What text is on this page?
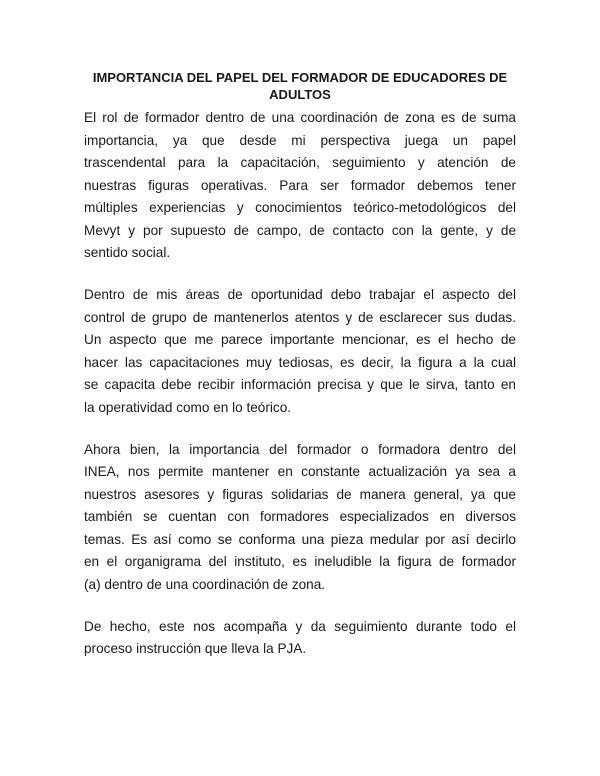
IMPORTANCIA DEL PAPEL DEL FORMADOR DE EDUCADORES DE
ADULTOS
El rol de formador dentro de una coordinación de zona es de suma
importancia, ya que desde mi perspectiva juega un papel
trascendental para la capacitación, seguimiento y atención de
nuestras figuras operativas. Para ser formador debemos tener
múltiples experiencias y conocimientos teórico-metodológicos del
Mevyt y por supuesto de campo, de contacto con la gente, y de
sentido social.
Dentro de mis áreas de oportunidad debo trabajar el aspecto del
control de grupo de mantenerlos atentos y de esclarecer sus dudas.
Un aspecto que me parece importante mencionar, es el hecho de
hacer las capacitaciones muy tediosas, es decir, la figura a la cual
se capacita debe recibir información precisa y que le sirva, tanto en
la operatividad como en lo teórico.
Ahora bien, la importancia del formador o formadora dentro del
INEA, nos permite mantener en constante actualización ya sea a
nuestros asesores y figuras solidarias de manera general, ya que
también se cuentan con formadores especializados en diversos
temas. Es así como se conforma una pieza medular por así decirlo
en el organigrama del instituto, es ineludible la figura de formador
(a) dentro de una coordinación de zona.
De hecho, este nos acompaña y da seguimiento durante todo el
proceso instrucción que lleva la PJA.
